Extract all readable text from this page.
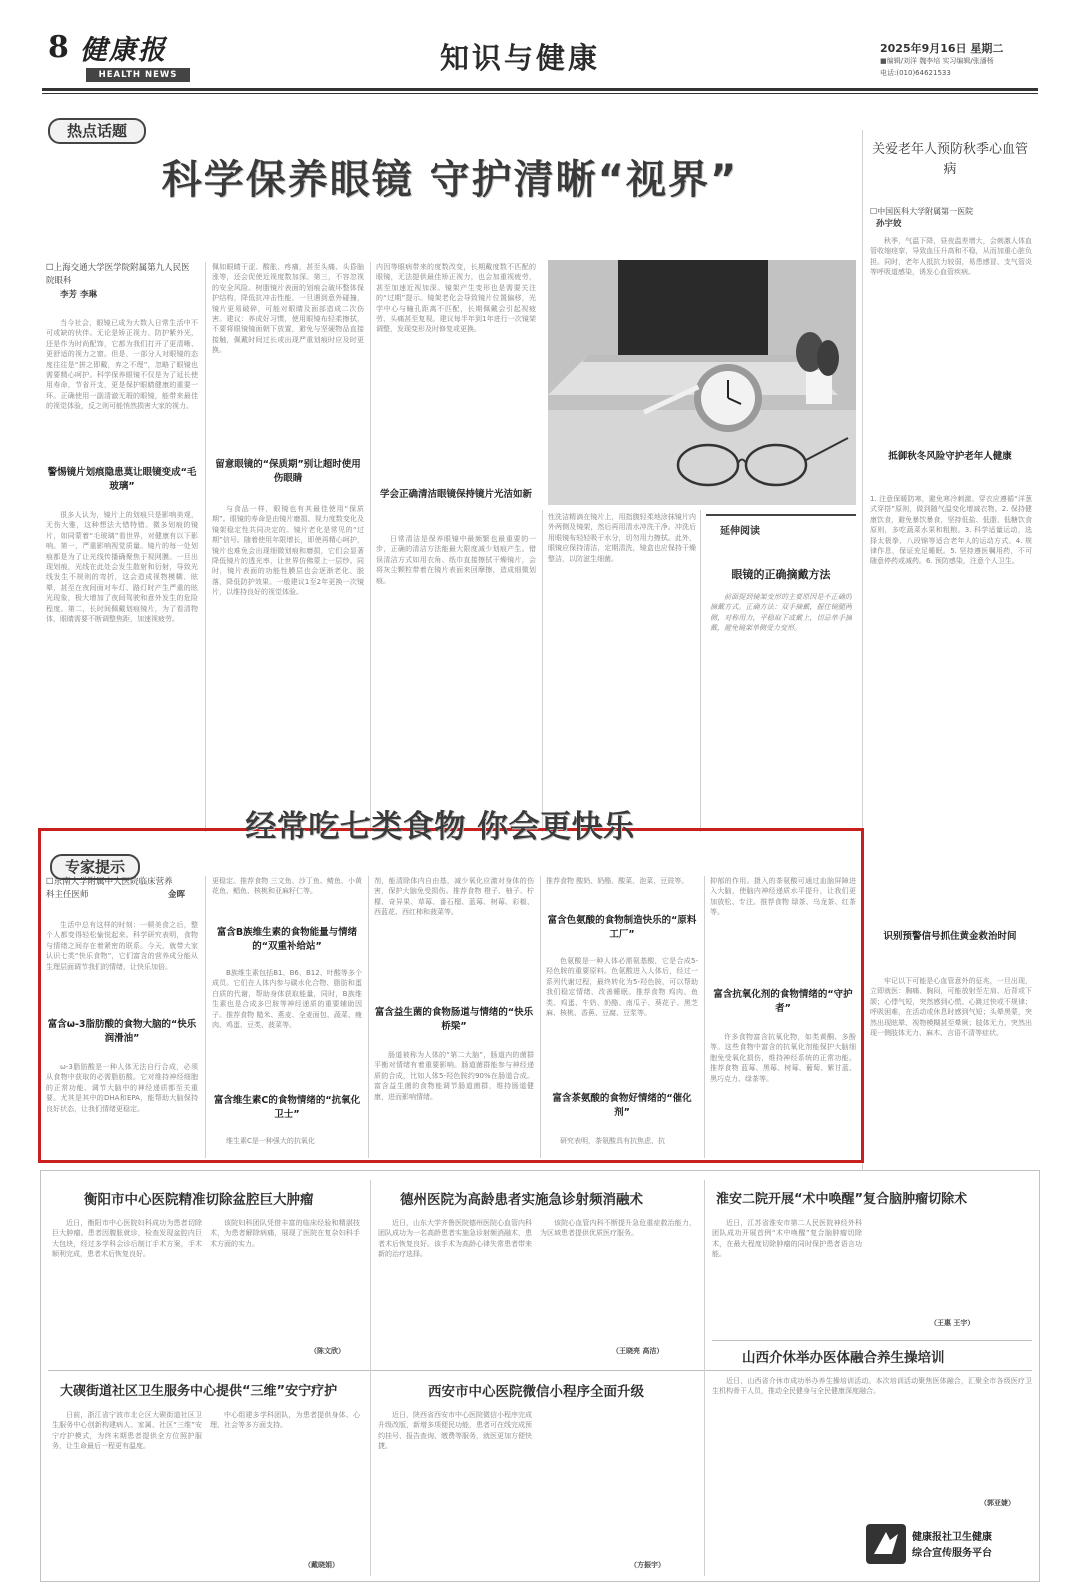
8 健康报
HEALTH NEWS	知识与健康	2025年9月16日 星期二
■编辑/刘洋 魏李培 实习编辑/张潘杨
电话:(010)64621533
热点话题
科学保养眼镜 守护清晰“视界”
关爱老年人预防秋季心血管病
☐中国医科大学附属第一医院
孙宇姣
☐上海交通大学医学院附属第九人民医院眼科
李芳 李琳
当今社会，眼镜已成为大数人日常生活中不可或缺的伙伴。无论是矫正视力、防护紫外光，还是作为时尚配饰，它都为我们打开了更清晰、更舒适的视力之窗。但是，一部分人对眼镜的态度往往是“拼之即戴，弃之不理”，忽略了眼镜也需要精心呵护。科学保养眼镜不仅是为了延长使用寿命，节省开支，更是保护眼睛健康的重要一环。正确使用一副清澈无瑕的眼镜，能带来最佳的视觉体验，反之则可能悄然损害大家的视力。
警惕镜片划痕隐患莫让眼镜变成“毛玻璃”
很多人认为，镜片上的划痕只是影响美观，无伤大雅，这种想法大错特错。微多划痕的镜片，如同蒙着“毛玻璃”看世界，对健康有以下影响。第一，严重影响视觉质量。镜片的每一处划痕都是为了让光线传播确聚焦于视网膜。一旦出现划痕，光线在此处会发生散射和衍射，导致光线发生不规则的弯折，这会造成视物模糊、眩晕，甚至在夜间面对车灯、路灯时产生严重的眩光现象，极大增加了夜间驾驶和意外发生的危险程度。第二，长时间佩戴划痕镜片，为了看清物体，眼睛需要不断调整焦距，加速视疲劳。
佩如眼睛干涩、酸胀、疼痛，甚至头痛、头昏脑涨等，还会促使近视度数加深。第三，不容忽视的安全风险。树脂镜片表面的划痕会破坏整体保护结构，降低抗冲击性能，一旦遇到意外碰撞，镜片更易破碎，可能对眼睛及面部造成二次伤害。建议：养成好习惯，使用眼镜布轻柔擦拭，不要将眼镜镜面朝下放置，避免与坚硬物品直接接触，佩戴时间过长或出现严重划痕时应及时更换。
留意眼镜的“保质期”别让超时使用伤眼睛
与食品一样，眼镜也有其最佳使用“保质期”。眼镜的寿命是由镜片磨损、视力度数变化及镜架稳定性共同决定的。镜片老化是常见的“过期”信号。随着使用年限增长，即使再精心呵护，镜片也难免会出现细微划痕和磨损，它们会显著降低镜片的透光率，让世界仿佛蒙上一层纱。同时，镜片表面的功能性膜层也会逐渐老化、脱落，降低防护效果。一般建议1至2年更换一次镜片，以维持良好的视觉体验。
内因等眼病带来的度数改变，长期戴度数不匹配的眼镜，无法提供最佳矫正视力，也会加重视疲劳，甚至加速近视加深。镜架产生变形也是需要关注的“过期”提示。镜架老化会导致镜片位置偏移，光学中心与瞳孔距离不匹配，长期佩戴会引起视疲劳、头痛甚至复视。建议每半年到1年进行一次镜架调整，发现变形及时修复或更换。
学会正确清洁眼镜保持镜片光洁如新
日常清洁是保养眼镜中最频繁也最重要的一步，正确的清洁方法能最大限度减少划痕产生。错误清洁方式如用衣角、纸巾直接擦拭干燥镜片，会将灰尘颗粒带着在镜片表面来回摩擦，造成细微划痕。
性洗洁精滴在镜片上，用指腹轻柔地涂抹镜片内外两侧及镜架，然后再用清水冲洗干净。冲洗后用眼镜布轻轻吸干水分，切勿用力擦拭。此外，眼镜应保持清洁，定期清洗，镜盒也应保持干燥整洁，以防滋生细菌。
延伸阅读
眼镜的正确摘戴方法
前面提到镜架变形的主要原因是不正确的摘戴方式。正确方法：双手摘戴，握住镜腿两侧，对称用力，平稳取下或戴上，切忌单手摘戴，避免镜架单侧受力变形。
秋季，气温下降，昼夜温差增大，会刺激人体血管收缩痉挛，导致血压升高和不稳，从而加重心脏负担。同时，老年人抵抗力较弱，易患感冒、支气管炎等呼吸道感染，诱发心血管疾病。
抵御秋冬风险守护老年人健康
1. 注意保暖防寒，避免寒冷刺激。穿衣应遵循“洋葱式穿搭”原则，做到随气温变化增减衣物。2. 保持健康饮食，避免暴饮暴食，坚持低盐、低脂、低糖饮食原则，多吃蔬菜水果和粗粮。3. 科学适量运动，选择太极拳、八段锦等适合老年人的运动方式。4. 规律作息，保证充足睡眠。5. 坚持遵医嘱用药，不可随意停药或减药。6. 预防感染，注意个人卫生。
识别预警信号抓住黄金救治时间
牢记以下可能是心血管意外的征兆，一旦出现，立即就医：胸痛、胸闷，可能放射至左肩、后背或下颌；心悸气短，突然感到心慌、心跳过快或不规律；呼吸困难，在活动或休息时感到气短；头晕黑蒙，突然出现眩晕、视物模糊甚至晕厥；肢体无力，突然出现一侧肢体无力、麻木、言语不清等症状。
专家提示
经常吃七类食物 你会更快乐
☐东南大学附属中大医院临床营养科主任医师	金晖
生活中总有这样的时刻：一顿美食之后，整个人都变得轻松愉悦起来。科学研究表明，食物与情绪之间存在着紧密的联系。今天，就带大家认识七类“快乐食物”，它们富含的营养成分能从生理层面调节我们的情绪，让快乐加倍。
富含ω-3脂肪酸的食物大脑的“快乐润滑油”
ω-3脂肪酸是一种人体无法自行合成，必须从食物中获取的必需脂肪酸。它对维持神经细胞的正常功能、调节大脑中的神经递质都至关重要。尤其是其中的DHA和EPA，能帮助大脑保持良好状态，让我们情绪更稳定。
更稳定。推荐食物 三文鱼、沙丁鱼、鲭鱼、小黄花鱼、鲳鱼、核桃和亚麻籽仁等。
富含B族维生素的食物能量与情绪的“双重补给站”
B族维生素包括B1、B6、B12、叶酸等多个成员。它们在人体内参与碳水化合物、脂肪和蛋白质的代谢，帮助身体获取能量，同时，B族维生素也是合成多巴胺等神经递质的重要辅助因子。推荐食物 糙米、燕麦、全麦面包、蔬菜、瘦肉、鸡蛋、豆类、菠菜等。
富含维生素C的食物情绪的“抗氧化卫士”
维生素C是一种强大的抗氧化
剂，能清除体内自由基，减少氧化应激对身体的伤害，保护大脑免受损伤。推荐食物 橙子、柚子、柠檬、奇异果、草莓、番石榴、蓝莓、树莓、彩椒、西蓝花、西红柿和菠菜等。
富含益生菌的食物肠道与情绪的“快乐桥梁”
肠道被称为人体的“第二大脑”，肠道内的菌群平衡对情绪有着重要影响。肠道菌群能参与神经递质的合成，比如人体5-羟色胺约90%在肠道合成。富含益生菌的食物能调节肠道菌群，维持肠道健康，进而影响情绪。
推荐食物 酸奶、奶酪、酸菜、泡菜、豆豉等。
富含色氨酸的食物制造快乐的“原料工厂”
色氨酸是一种人体必需氨基酸，它是合成5-羟色胺的重要原料。色氨酸进入人体后，经过一系列代谢过程，最终转化为5-羟色胺，可以帮助我们稳定情绪、改善睡眠。推荐食物 鸡肉、鱼类、鸡蛋、牛奶、奶酪、南瓜子、葵花子、黑芝麻、核桃、香蕉、豆腐、豆浆等。
富含茶氨酸的食物好情绪的“催化剂”
研究表明，茶氨酸具有抗焦虑、抗
抑郁的作用。摄入的茶氨酸可通过血脑屏障进入大脑，使脑内神经递质水平提升，让我们更加放松、专注。推荐食物 绿茶、乌龙茶、红茶等。
富含抗氧化剂的食物情绪的“守护者”
许多食物富含抗氧化物，如类黄酮、多酚等。这些食物中富含的抗氧化剂能保护大脑细胞免受氧化损伤，维持神经系统的正常功能。推荐食物 蓝莓、黑莓、树莓、葡萄、紫甘蓝、黑巧克力、绿茶等。
衡阳市中心医院精准切除盆腔巨大肿瘤
近日，衡阳市中心医院妇科成功为患者切除巨大肿瘤。患者因腹胀就诊，检查发现盆腔内巨大包块，经过多学科会诊后制订手术方案，手术顺利完成，患者术后恢复良好。
该院妇科团队凭借丰富的临床经验和精湛技术，为患者解除病痛，展现了医院在复杂妇科手术方面的实力。
（陈文欣）
德州医院为高龄患者实施急诊射频消融术
近日，山东大学齐鲁医院德州医院心血管内科团队成功为一名高龄患者实施急诊射频消融术，患者术后恢复良好。该手术为高龄心律失常患者带来新的治疗选择。
该院心血管内科不断提升急危重症救治能力，为区域患者提供优质医疗服务。
（王晓亮 高洁）
淮安二院开展“术中唤醒”复合脑肿瘤切除术
近日，江苏省淮安市第二人民医院神经外科团队成功开展首例“术中唤醒”复合脑肿瘤切除术，在最大程度切除肿瘤的同时保护患者语言功能。
（王惠 王宇）
大碶街道社区卫生服务中心提供“三维”安宁疗护
日前，浙江省宁波市北仑区大碶街道社区卫生服务中心创新构建病人、家属、社区“三维”安宁疗护模式，为终末期患者提供全方位照护服务，让生命最后一程更有温度。
中心组建多学科团队，为患者提供身体、心理、社会等多方面支持。
（戴晓娟）
西安市中心医院微信小程序全面升级
近日，陕西省西安市中心医院微信小程序完成升级改版，新增多项便民功能，患者可在线完成预约挂号、报告查询、缴费等服务，就医更加方便快捷。
（方振宇）
山西介休举办医体融合养生操培训
近日，山西省介休市成功举办养生操培训活动。本次培训活动聚焦医体融合，汇聚全市各级医疗卫生机构骨干人员，推动全民健身与全民健康深度融合。
（郭亚婕）
健康报社卫生健康
综合宣传服务平台
